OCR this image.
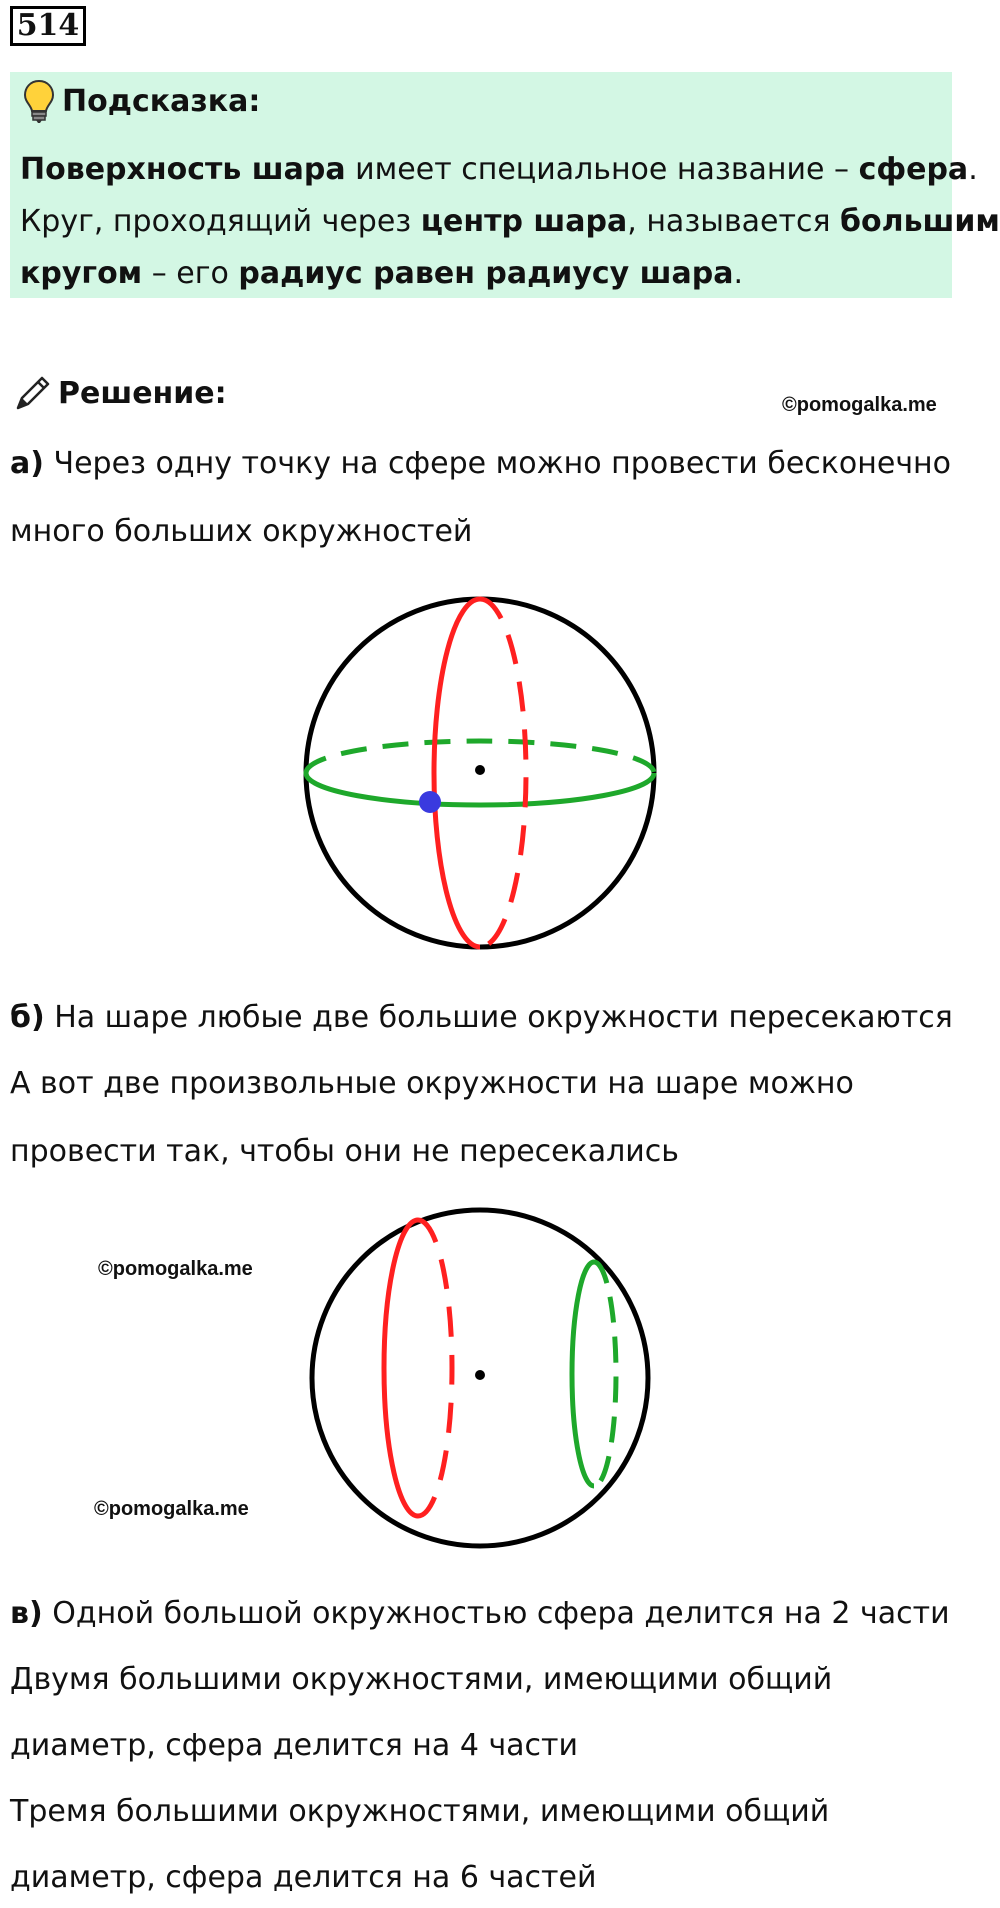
514
Подсказка:
Поверхность шара имеет специальное название – сфера.
Круг, проходящий через центр шара, называется большим
кругом – его радиус равен радиусу шара.
Решение:	©pomogalka.me
а) Через одну точку на сфере можно провести бесконечно
много больших окружностей
б) На шаре любые две большие окружности пересекаются
А вот две произвольные окружности на шаре можно
провести так, чтобы они не пересекались
©pomogalka.me
©pomogalka.me
в) Одной большой окружностью сфера делится на 2 части
Двумя большими окружностями, имеющими общий
диаметр, сфера делится на 4 части
Тремя большими окружностями, имеющими общий
диаметр, сфера делится на 6 частей
